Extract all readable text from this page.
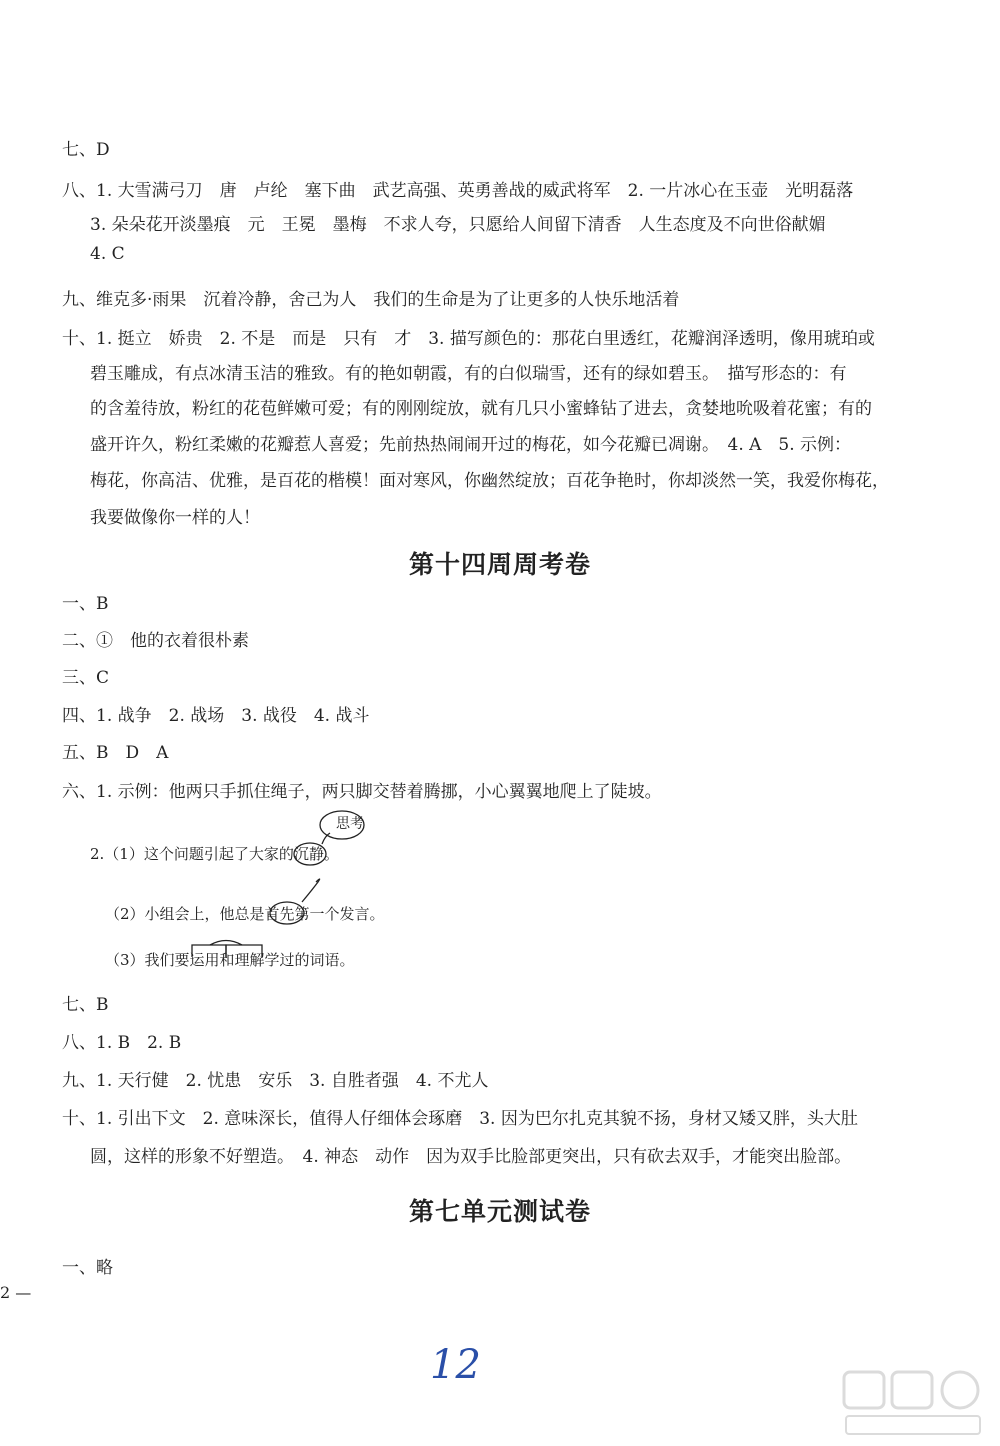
七、D
八、1. 大雪满弓刀　唐　卢纶　塞下曲　武艺高强、英勇善战的威武将军　2. 一片冰心在玉壶　光明磊落
3. 朵朵花开淡墨痕　元　王冕　墨梅　不求人夸，只愿给人间留下清香　人生态度及不向世俗献媚
4. C
九、维克多·雨果　沉着冷静，舍己为人　我们的生命是为了让更多的人快乐地活着
十、1. 挺立　娇贵　2. 不是　而是　只有　才　3. 描写颜色的：那花白里透红，花瓣润泽透明，像用琥珀或
碧玉雕成，有点冰清玉洁的雅致。有的艳如朝霞，有的白似瑞雪，还有的绿如碧玉。　描写形态的：有
的含羞待放，粉红的花苞鲜嫩可爱；有的刚刚绽放，就有几只小蜜蜂钻了进去，贪婪地吮吸着花蜜；有的
盛开许久，粉红柔嫩的花瓣惹人喜爱；先前热热闹闹开过的梅花，如今花瓣已凋谢。　4. A　5. 示例：
梅花，你高洁、优雅，是百花的楷模！面对寒风，你幽然绽放；百花争艳时，你却淡然一笑，我爱你梅花，
我要做像你一样的人！
第十四周周考卷
一、B
二、①　他的衣着很朴素
三、C
四、1. 战争　2. 战场　3. 战役　4. 战斗
五、B　D　A
六、1. 示例：他两只手抓住绳子，两只脚交替着腾挪，小心翼翼地爬上了陡坡。
2.（1）这个问题引起了大家的沉静。
思考
（2）小组会上，他总是首先第一个发言。
（3）我们要运用和理解学过的词语。
七、B
八、1. B　2. B
九、1. 天行健　2. 忧患　安乐　3. 自胜者强　4. 不尤人
十、1. 引出下文　2. 意味深长，值得人仔细体会琢磨　3. 因为巴尔扎克其貌不扬，身材又矮又胖，头大肚
圆，这样的形象不好塑造。　4. 神态　动作　因为双手比脸部更突出，只有砍去双手，才能突出脸部。
第七单元测试卷
一、略
2 —
12
